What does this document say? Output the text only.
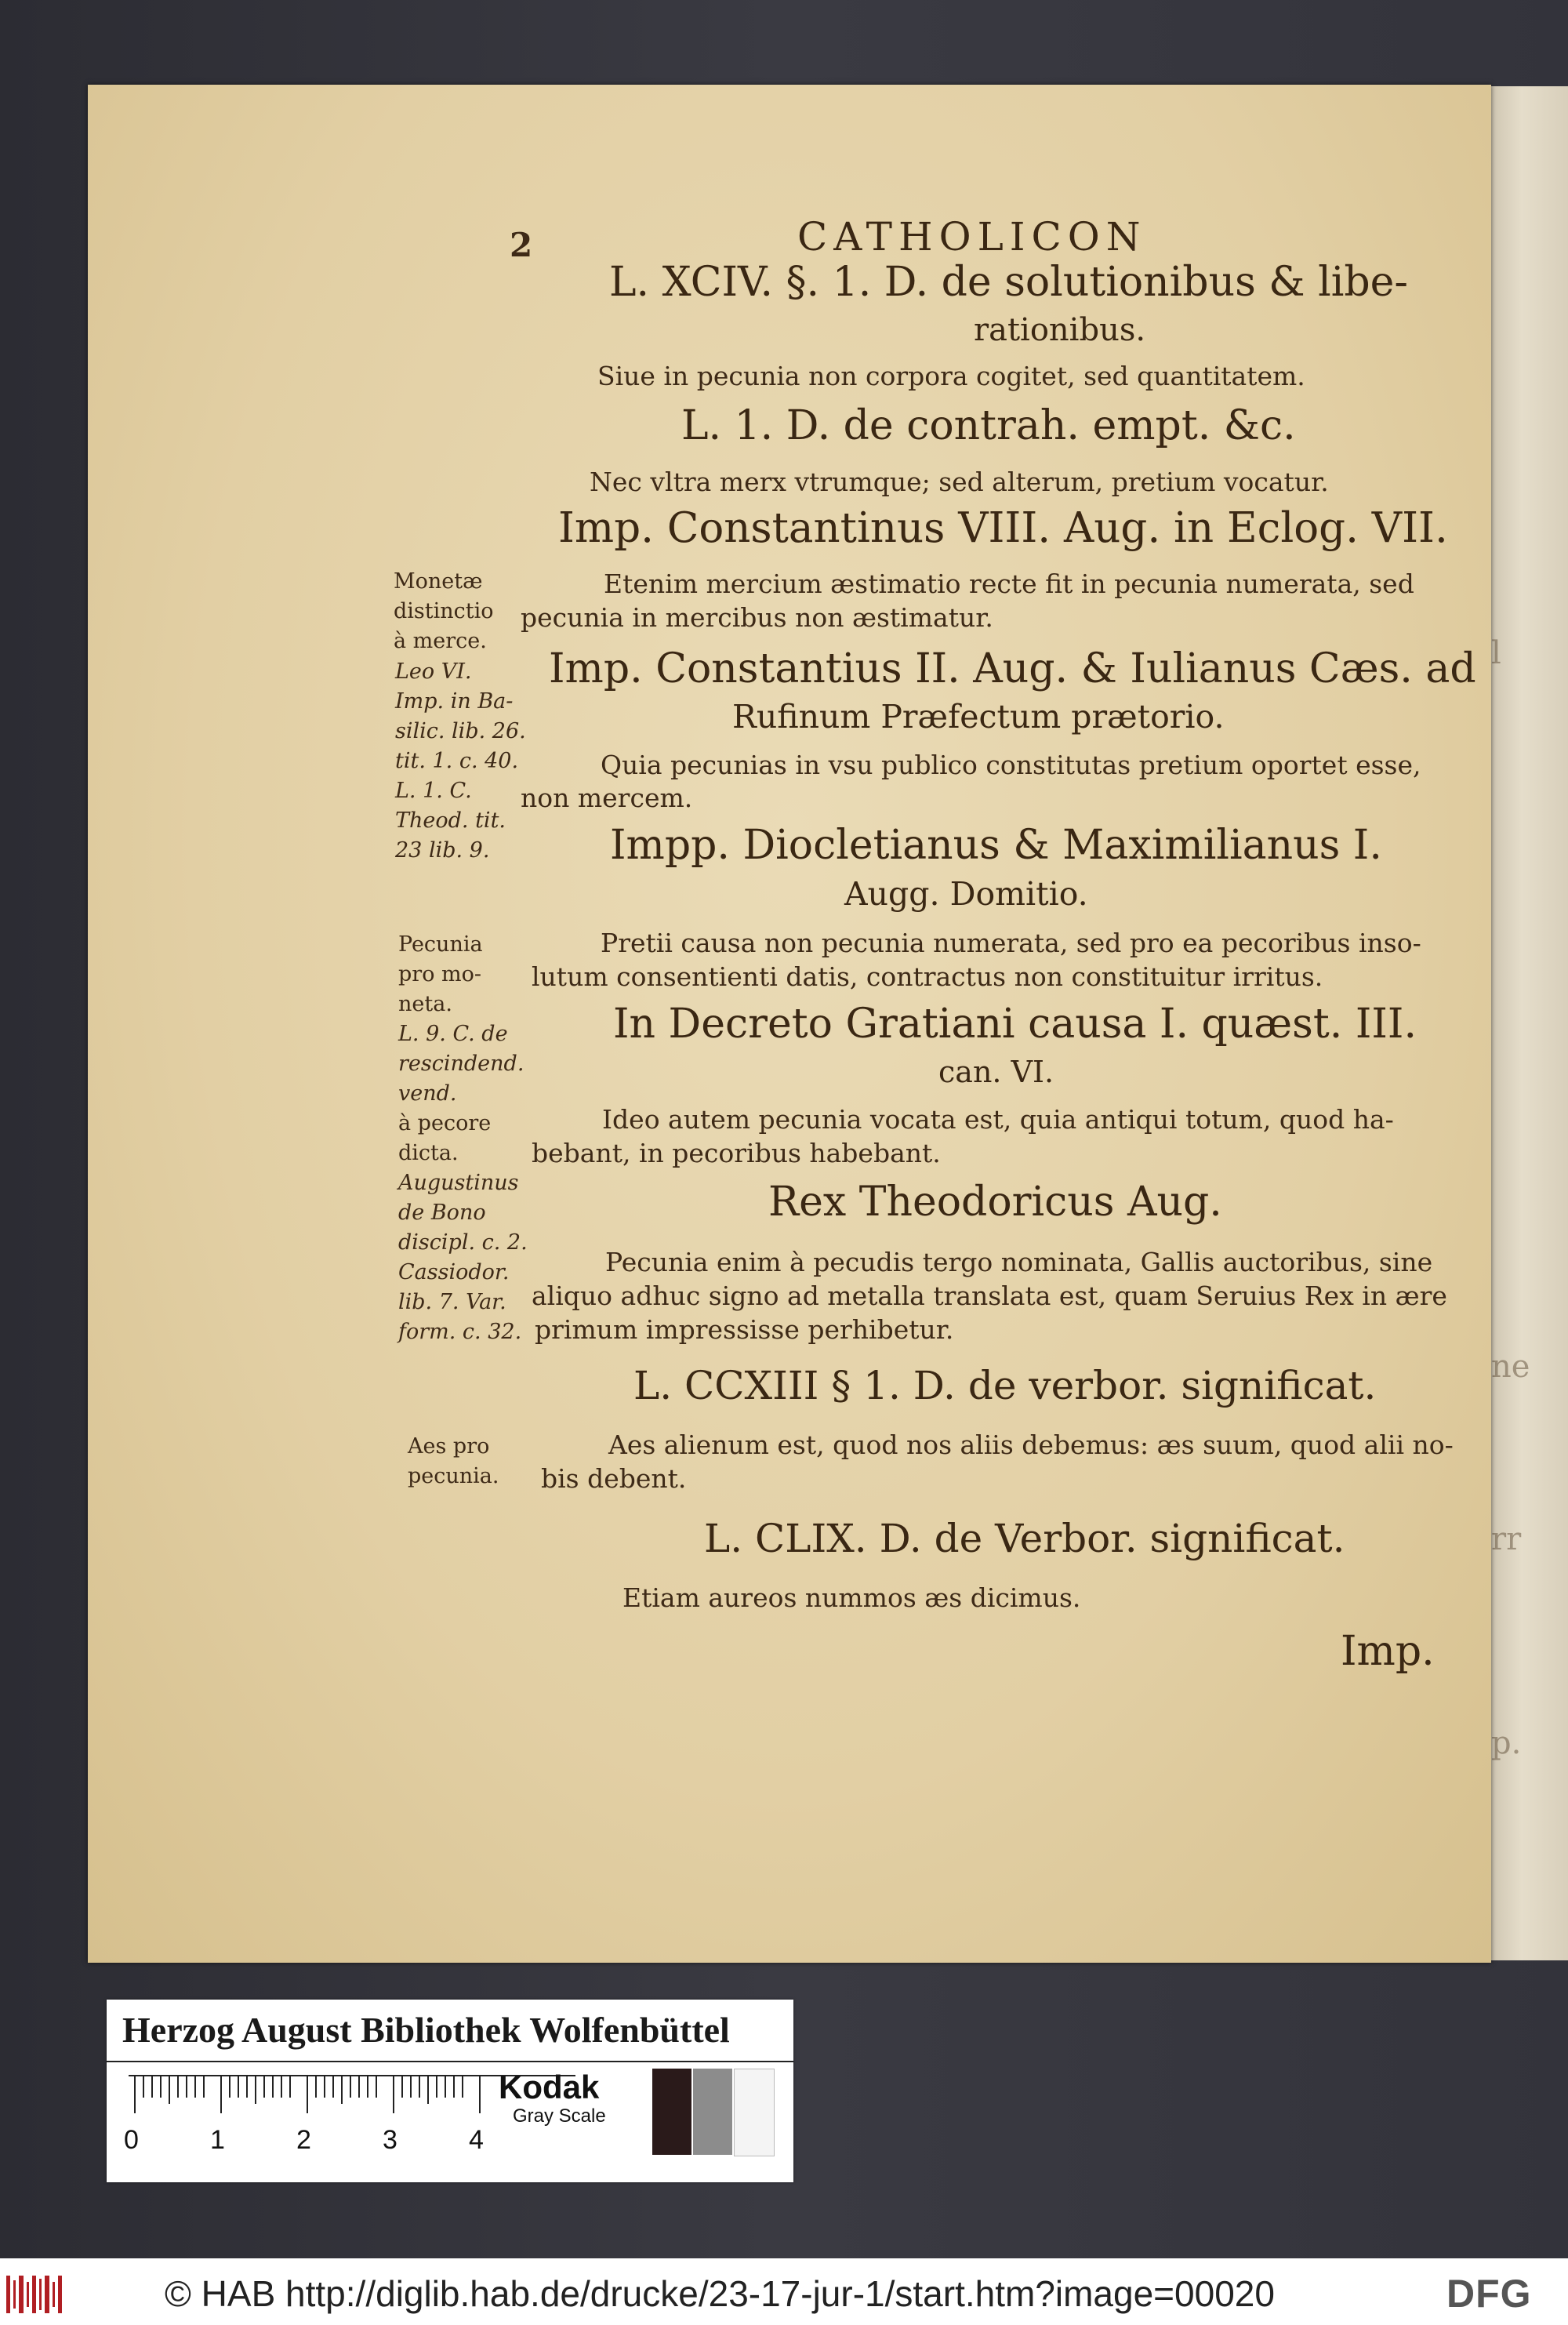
l
ne
rr
p.
2	CATHOLICON
L. XCIV. §. 1. D. de solutionibus & libe-
rationibus.
Siue in pecunia non corpora cogitet, sed quantitatem.
L. 1. D. de contrah. empt. &c.
Nec vltra merx vtrumque; sed alterum, pretium vocatur.
Imp. Constantinus VIII. Aug. in Eclog. VII.
Etenim mercium æstimatio recte fit in pecunia numerata, sed
pecunia in mercibus non æstimatur.
Imp. Constantius II. Aug. & Iulianus Cæs. ad
Rufinum Præfectum prætorio.
Quia pecunias in vsu publico constitutas pretium oportet esse,
non mercem.
Impp. Diocletianus & Maximilianus I.
Augg. Domitio.
Pretii causa non pecunia numerata, sed pro ea pecoribus inso-
lutum consentienti datis, contractus non constituitur irritus.
In Decreto Gratiani causa I. quæst. III.
can. VI.
Ideo autem pecunia vocata est, quia antiqui totum, quod ha-
bebant, in pecoribus habebant.
Rex Theodoricus Aug.
Pecunia enim à pecudis tergo nominata, Gallis auctoribus, sine
aliquo adhuc signo ad metalla translata est, quam Seruius Rex in ære
primum impressisse perhibetur.
L. CCXIII § 1. D. de verbor. significat.
Aes alienum est, quod nos aliis debemus: æs suum, quod alii no-
bis debent.
L. CLIX. D. de Verbor. significat.
Etiam aureos nummos æs dicimus.
Imp.
Monetæ
distinctio
à merce.
Leo VI.
Imp. in Ba-
silic. lib. 26.
tit. 1. c. 40.
L. 1. C.
Theod. tit.
23 lib. 9.
Pecunia
pro mo-
neta.
L. 9. C. de
rescindend.
vend.
à pecore
dicta.
Augustinus
de Bono
discipl. c. 2.
Cassiodor.
lib. 7. Var.
form. c. 32.
Aes pro
pecunia.
Herzog August Bibliothek Wolfenbüttel
0	1	2	3	4
Kodak
Gray Scale
© HAB http://diglib.hab.de/drucke/23-17-jur-1/start.htm?image=00020	DFG
